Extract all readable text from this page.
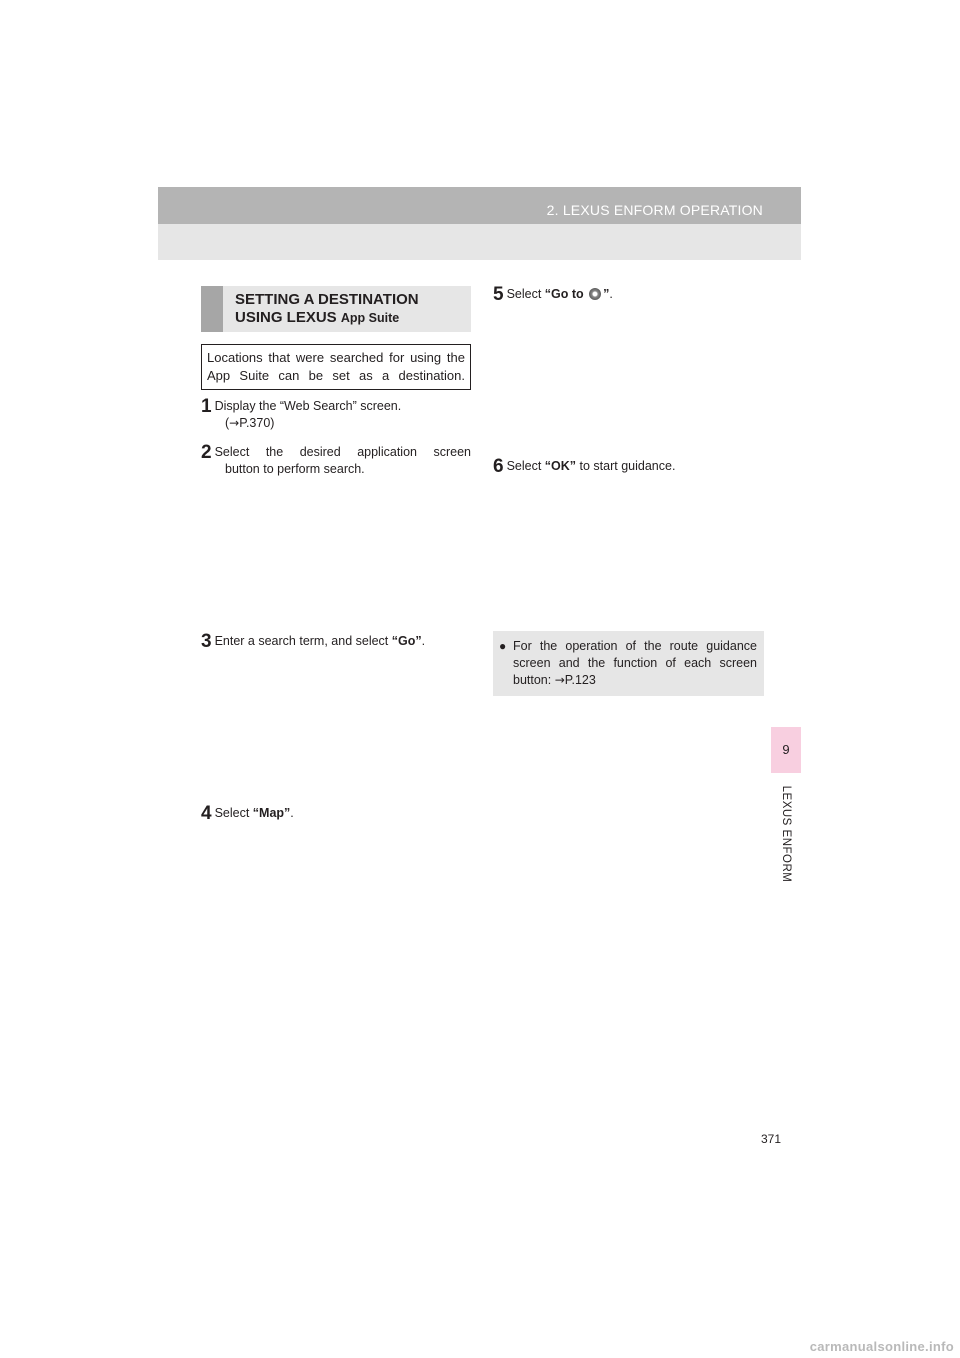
2. LEXUS ENFORM OPERATION
9
LEXUS ENFORM
SETTING A DESTINATION
USING LEXUS App Suite
Locations that were searched for using the App Suite can be set as a destination.
1 Display the “Web Search” screen.
(→P.370)
2 Select the desired application screen
button to perform search.
3 Enter a search term, and select “Go”.
4 Select “Map”.
5 Select “Go to ”.
6 Select “OK” to start guidance.
● For the operation of the route guidance screen and the function of each screen button: →P.123
371
carmanualsonline.info
